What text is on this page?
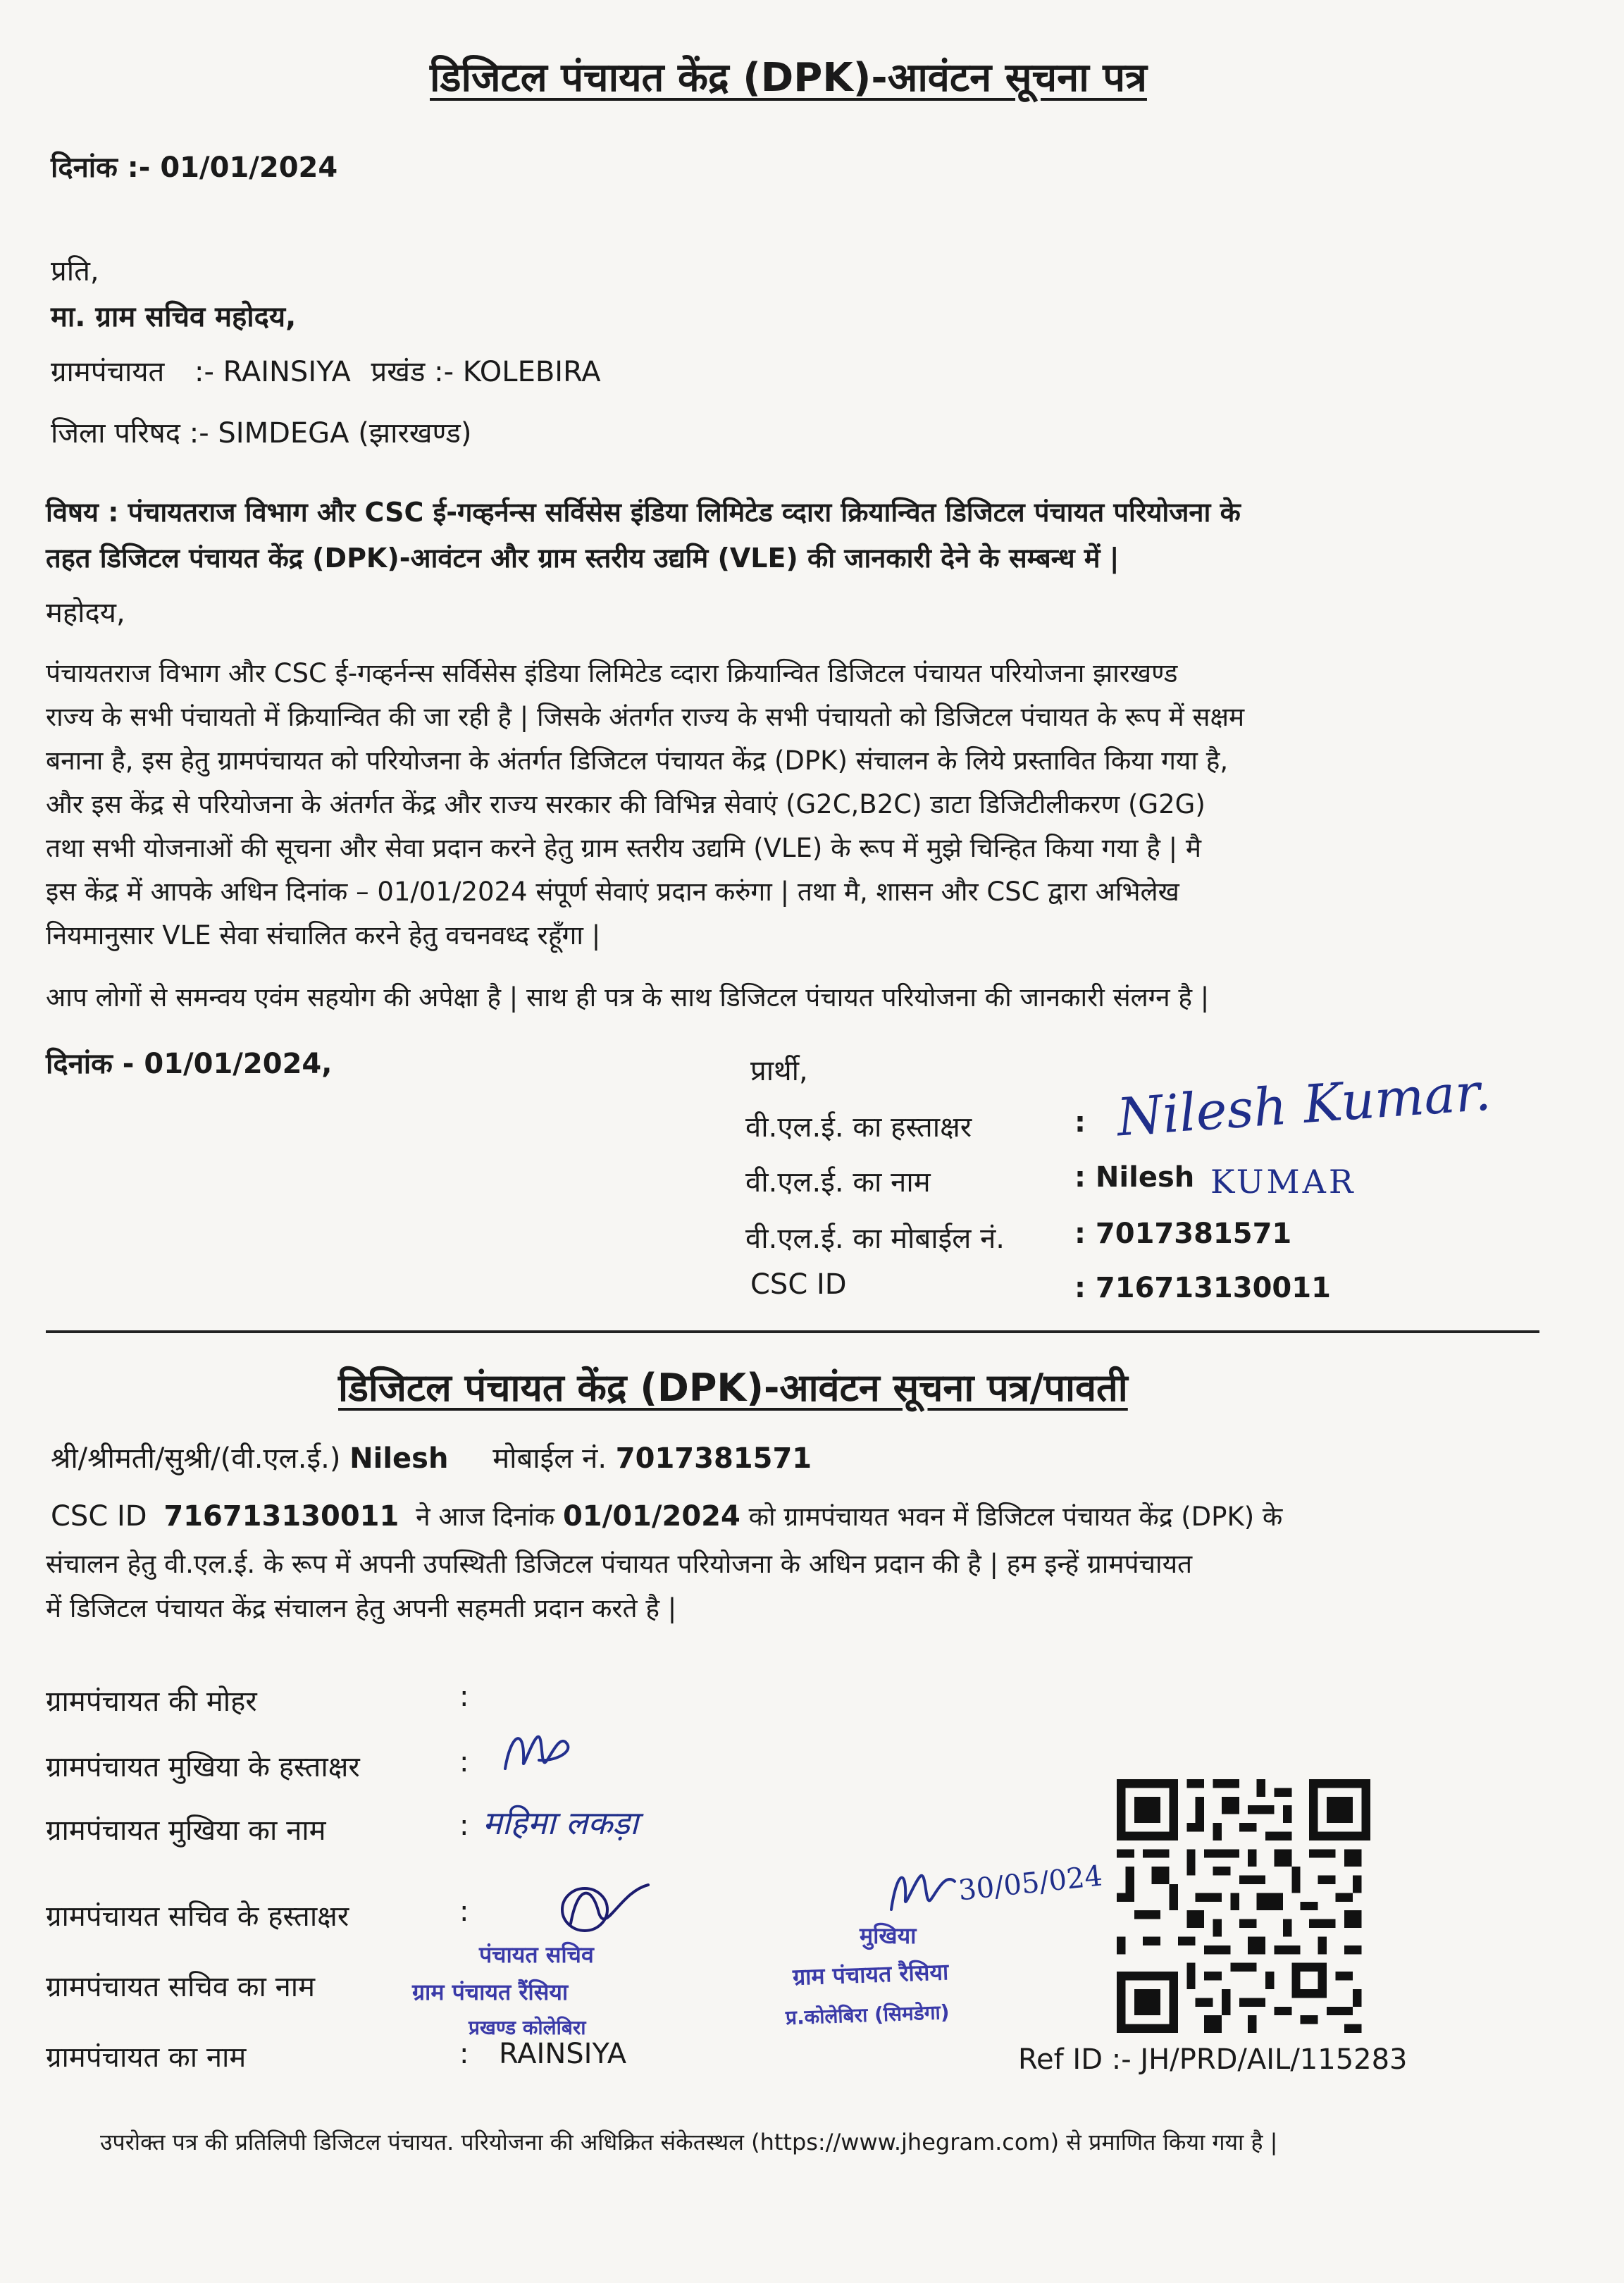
डिजिटल पंचायत केंद्र (DPK)-आवंटन सूचना पत्र
दिनांक :- 01/01/2024
प्रति,
मा. ग्राम सचिव महोदय,
ग्रामपंचायत :- RAINSIYA प्रखंड :- KOLEBIRA
जिला परिषद :- SIMDEGA (झारखण्ड)
विषय : पंचायतराज विभाग और CSC ई-गव्हर्नन्स सर्विसेस इंडिया लिमिटेड व्दारा क्रियान्वित डिजिटल पंचायत परियोजना के
तहत डिजिटल पंचायत केंद्र (DPK)-आवंटन और ग्राम स्तरीय उद्यमि (VLE) की जानकारी देने के सम्बन्ध में |
महोदय,
पंचायतराज विभाग और CSC ई-गव्हर्नन्स सर्विसेस इंडिया लिमिटेड व्दारा क्रियान्वित डिजिटल पंचायत परियोजना झारखण्ड
राज्य के सभी पंचायतो में क्रियान्वित की जा रही है | जिसके अंतर्गत राज्य के सभी पंचायतो को डिजिटल पंचायत के रूप में सक्षम
बनाना है, इस हेतु ग्रामपंचायत को परियोजना के अंतर्गत डिजिटल पंचायत केंद्र (DPK) संचालन के लिये प्रस्तावित किया गया है,
और इस केंद्र से परियोजना के अंतर्गत केंद्र और राज्य सरकार की विभिन्न सेवाएं (G2C,B2C) डाटा डिजिटीलीकरण (G2G)
तथा सभी योजनाओं की सूचना और सेवा प्रदान करने हेतु ग्राम स्तरीय उद्यमि (VLE) के रूप में मुझे चिन्हित किया गया है | मै
इस केंद्र में आपके अधिन दिनांक – 01/01/2024 संपूर्ण सेवाएं प्रदान करुंगा | तथा मै, शासन और CSC द्वारा अभिलेख
नियमानुसार VLE सेवा संचालित करने हेतु वचनवध्द रहूँगा |
आप लोगों से समन्वय एवंम सहयोग की अपेक्षा है | साथ ही पत्र के साथ डिजिटल पंचायत परियोजना की जानकारी संलग्न है |
दिनांक - 01/01/2024,	प्रार्थी,
वी.एल.ई. का हस्ताक्षर	: Nilesh Kumar.
वी.एल.ई. का नाम	: Nilesh KUMAR
वी.एल.ई. का मोबाईल नं. : 7017381571
CSC ID	: 716713130011
डिजिटल पंचायत केंद्र (DPK)-आवंटन सूचना पत्र/पावती
श्री/श्रीमती/सुश्री/(वी.एल.ई.) Nilesh मोबाईल नं. 7017381571
CSC ID 716713130011 ने आज दिनांक 01/01/2024 को ग्रामपंचायत भवन में डिजिटल पंचायत केंद्र (DPK) के
संचालन हेतु वी.एल.ई. के रूप में अपनी उपस्थिती डिजिटल पंचायत परियोजना के अधिन प्रदान की है | हम इन्हें ग्रामपंचायत
में डिजिटल पंचायत केंद्र संचालन हेतु अपनी सहमती प्रदान करते है |
ग्रामपंचायत की मोहर	:
ग्रामपंचायत मुखिया के हस्ताक्षर	:
ग्रामपंचायत मुखिया का नाम	: महिमा लकड़ा
ग्रामपंचायत सचिव के हस्ताक्षर	:
ग्रामपंचायत सचिव का नाम
ग्रामपंचायत का नाम	: RAINSIYA
पंचायत सचिव
ग्राम पंचायत रैंसिया
प्रखण्ड कोलेबिरा
30/05/024
मुखिया
ग्राम पंचायत रैसिया
प्र.कोलेबिरा (सिमडेगा)
Ref ID :- JH/PRD/AIL/115283
उपरोक्त पत्र की प्रतिलिपी डिजिटल पंचायत. परियोजना की अधिक्रित संकेतस्थल (https://www.jhegram.com) से प्रमाणित किया गया है |
